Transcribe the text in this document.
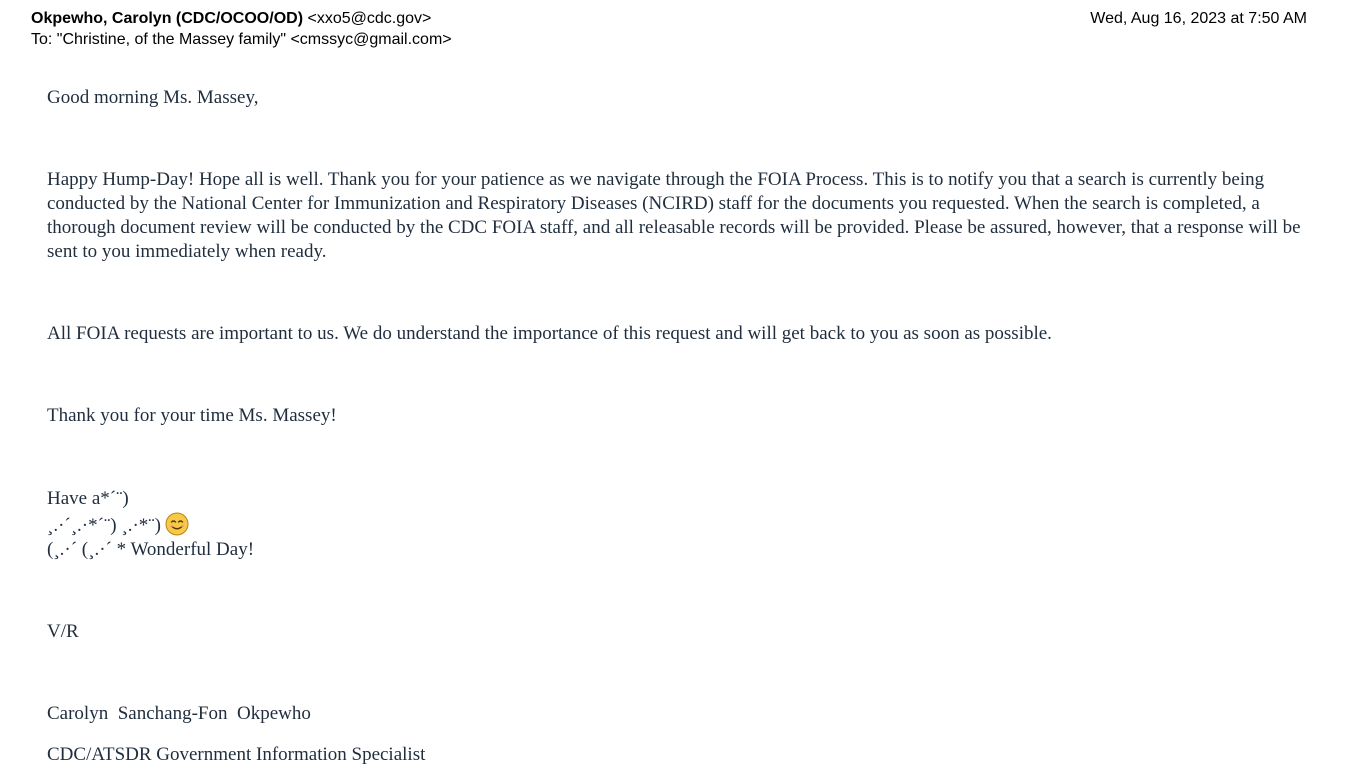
Okpewho, Carolyn (CDC/OCOO/OD) <xxo5@cdc.gov>	Wed, Aug 16, 2023 at 7:50 AM
To: "Christine, of the Massey family" <cmssyc@gmail.com>

Good morning Ms. Massey,

Happy Hump-Day! Hope all is well. Thank you for your patience as we navigate through the FOIA Process. This is to notify you that a search is currently being conducted by the National Center for Immunization and Respiratory Diseases (NCIRD) staff for the documents you requested. When the search is completed, a thorough document review will be conducted by the CDC FOIA staff, and all releasable records will be provided. Please be assured, however, that a response will be sent to you immediately when ready.

All FOIA requests are important to us. We do understand the importance of this request and will get back to you as soon as possible.

Thank you for your time Ms. Massey!

Have a*´¨)
¸.·´¸.·*´¨) ¸.·*¨)
(¸.·´ (¸.·´ * Wonderful Day!

V/R

Carolyn  Sanchang-Fon  Okpewho

CDC/ATSDR Government Information Specialist
